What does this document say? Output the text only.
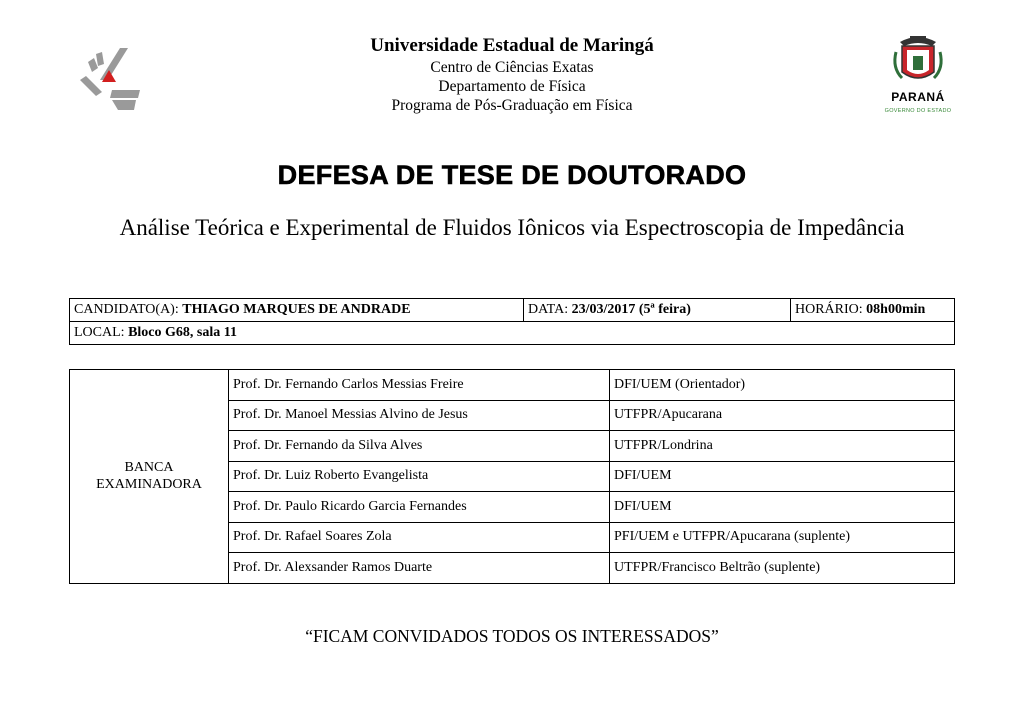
Universidade Estadual de Maringá
Centro de Ciências Exatas
Departamento de Física
Programa de Pós-Graduação em Física	PARANÁ
GOVERNO DO ESTADO
DEFESA DE TESE DE DOUTORADO
Análise Teórica e Experimental de Fluidos Iônicos via Espectroscopia de Impedância
CANDIDATO(A): THIAGO MARQUES DE ANDRADE	DATA: 23/03/2017 (5ª feira)	HORÁRIO: 08h00min
LOCAL: Bloco G68, sala 11
BANCA
EXAMINADORA	Prof. Dr. Fernando Carlos Messias Freire	DFI/UEM (Orientador)
	Prof. Dr. Manoel Messias Alvino de Jesus	UTFPR/Apucarana
	Prof. Dr. Fernando da Silva Alves	UTFPR/Londrina
	Prof. Dr. Luiz Roberto Evangelista	DFI/UEM
	Prof. Dr. Paulo Ricardo Garcia Fernandes	DFI/UEM
	Prof. Dr. Rafael Soares Zola	PFI/UEM e UTFPR/Apucarana (suplente)
	Prof. Dr. Alexsander Ramos Duarte	UTFPR/Francisco Beltrão (suplente)
“FICAM CONVIDADOS TODOS OS INTERESSADOS”
